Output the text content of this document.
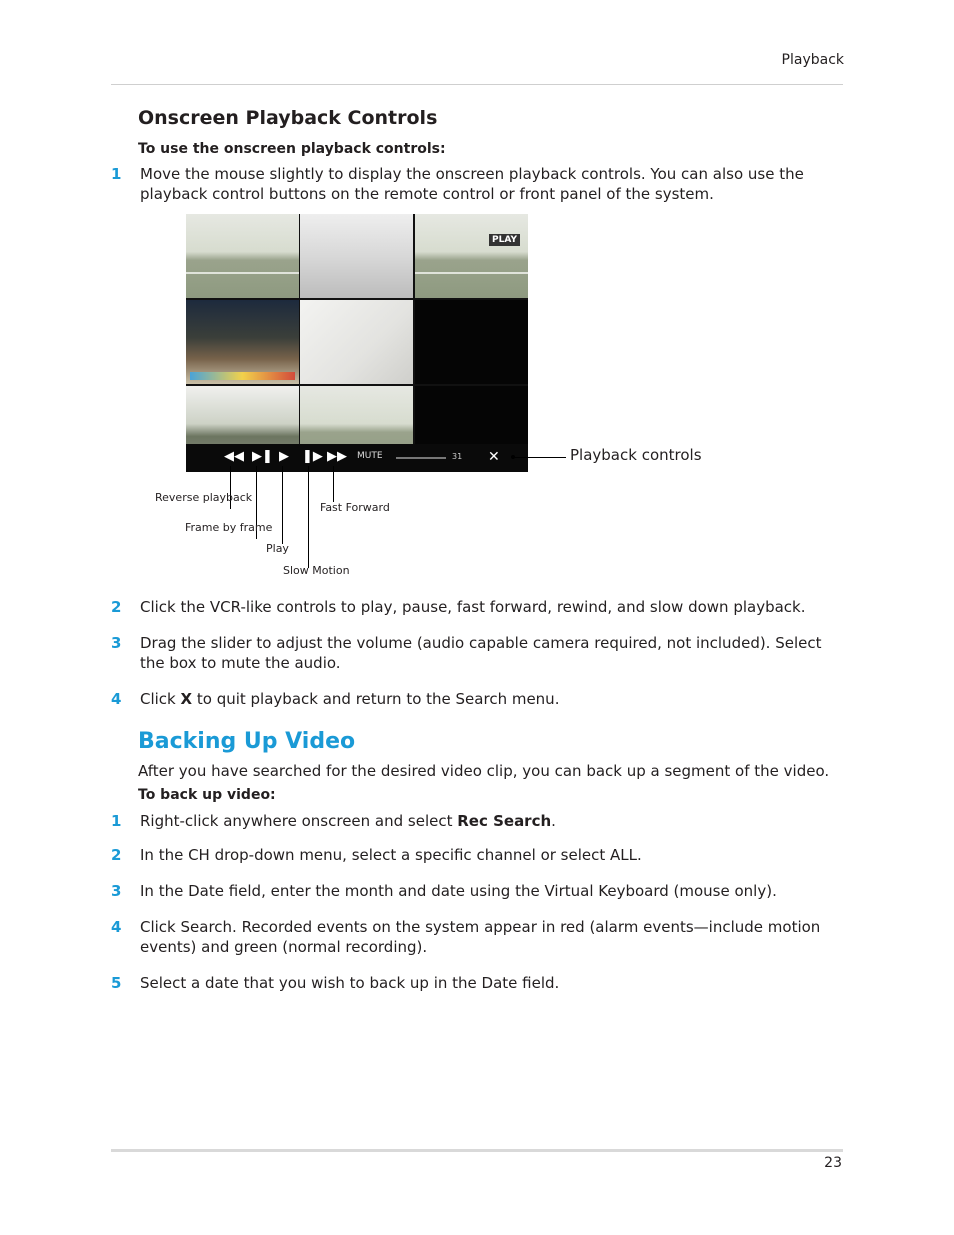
Playback
Onscreen Playback Controls
To use the onscreen playback controls:
1	Move the mouse slightly to display the onscreen playback controls. You can also use the playback control buttons on the remote control or front panel of the system.
PLAY
◀◀ ▶❚ ▶ ❚▶ ▶▶ MUTE	31 ✕	Playback controls
Reverse playback
Frame by frame
Play
Slow Motion
Fast Forward
2	Click the VCR-like controls to play, pause, fast forward, rewind, and slow down playback.
3	Drag the slider to adjust the volume (audio capable camera required, not included). Select the box to mute the audio.
4	Click X to quit playback and return to the Search menu.
Backing Up Video
After you have searched for the desired video clip, you can back up a segment of the video.
To back up video:
1	Right-click anywhere onscreen and select Rec Search.
2	In the CH drop-down menu, select a specific channel or select ALL.
3	In the Date field, enter the month and date using the Virtual Keyboard (mouse only).
4	Click Search. Recorded events on the system appear in red (alarm events—include motion events) and green (normal recording).
5	Select a date that you wish to back up in the Date field.
23
